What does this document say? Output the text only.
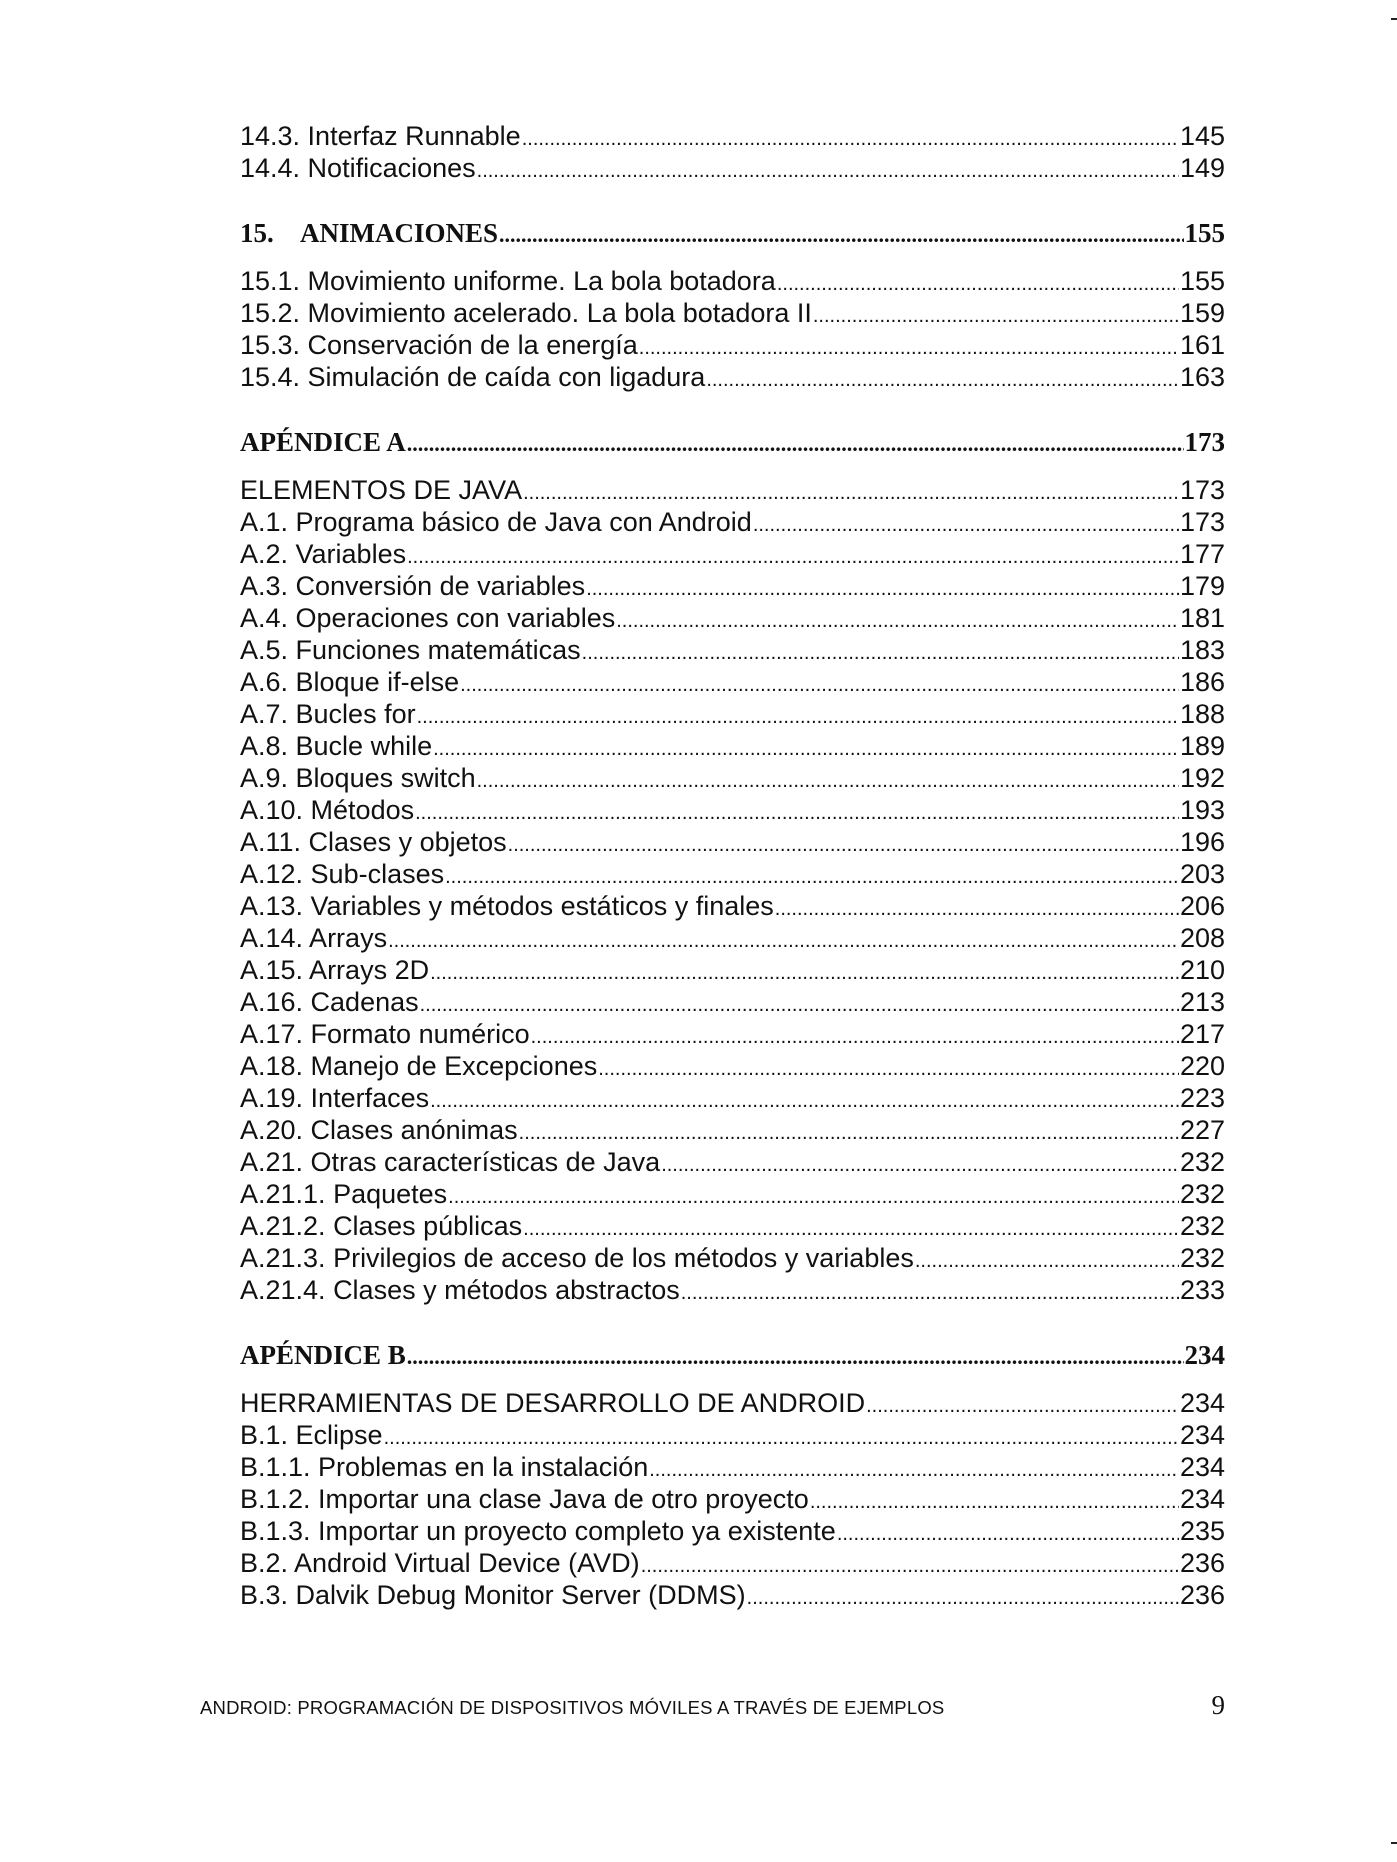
14.3. Interfaz Runnable .....	145
14.4. Notificaciones .....	149
15. ANIMACIONES .....	155
15.1. Movimiento uniforme. La bola botadora .....	155
15.2. Movimiento acelerado. La bola botadora II .....	159
15.3. Conservación de la energía .....	161
15.4. Simulación de caída con ligadura .....	163
APÉNDICE A .....	173
ELEMENTOS DE JAVA .....	173
A.1. Programa básico de Java con Android .....	173
A.2. Variables .....	177
A.3. Conversión de variables .....	179
A.4. Operaciones con variables .....	181
A.5. Funciones matemáticas .....	183
A.6. Bloque if-else .....	186
A.7. Bucles for .....	188
A.8. Bucle while .....	189
A.9. Bloques switch .....	192
A.10. Métodos .....	193
A.11. Clases y objetos .....	196
A.12. Sub-clases .....	203
A.13. Variables y métodos estáticos y finales .....	206
A.14. Arrays .....	208
A.15. Arrays 2D .....	210
A.16. Cadenas .....	213
A.17. Formato numérico .....	217
A.18. Manejo de Excepciones .....	220
A.19. Interfaces .....	223
A.20. Clases anónimas .....	227
A.21. Otras características de Java .....	232
A.21.1. Paquetes .....	232
A.21.2. Clases públicas .....	232
A.21.3. Privilegios de acceso de los métodos y variables .....	232
A.21.4. Clases y métodos abstractos .....	233
APÉNDICE B .....	234
HERRAMIENTAS DE DESARROLLO DE ANDROID .....	234
B.1. Eclipse .....	234
B.1.1. Problemas en la instalación .....	234
B.1.2. Importar una clase Java de otro proyecto .....	234
B.1.3. Importar un proyecto completo ya existente .....	235
B.2. Android Virtual Device (AVD) .....	236
B.3. Dalvik Debug Monitor Server (DDMS) .....	236
ANDROID: PROGRAMACIÓN DE DISPOSITIVOS MÓVILES A TRAVÉS DE EJEMPLOS	9
